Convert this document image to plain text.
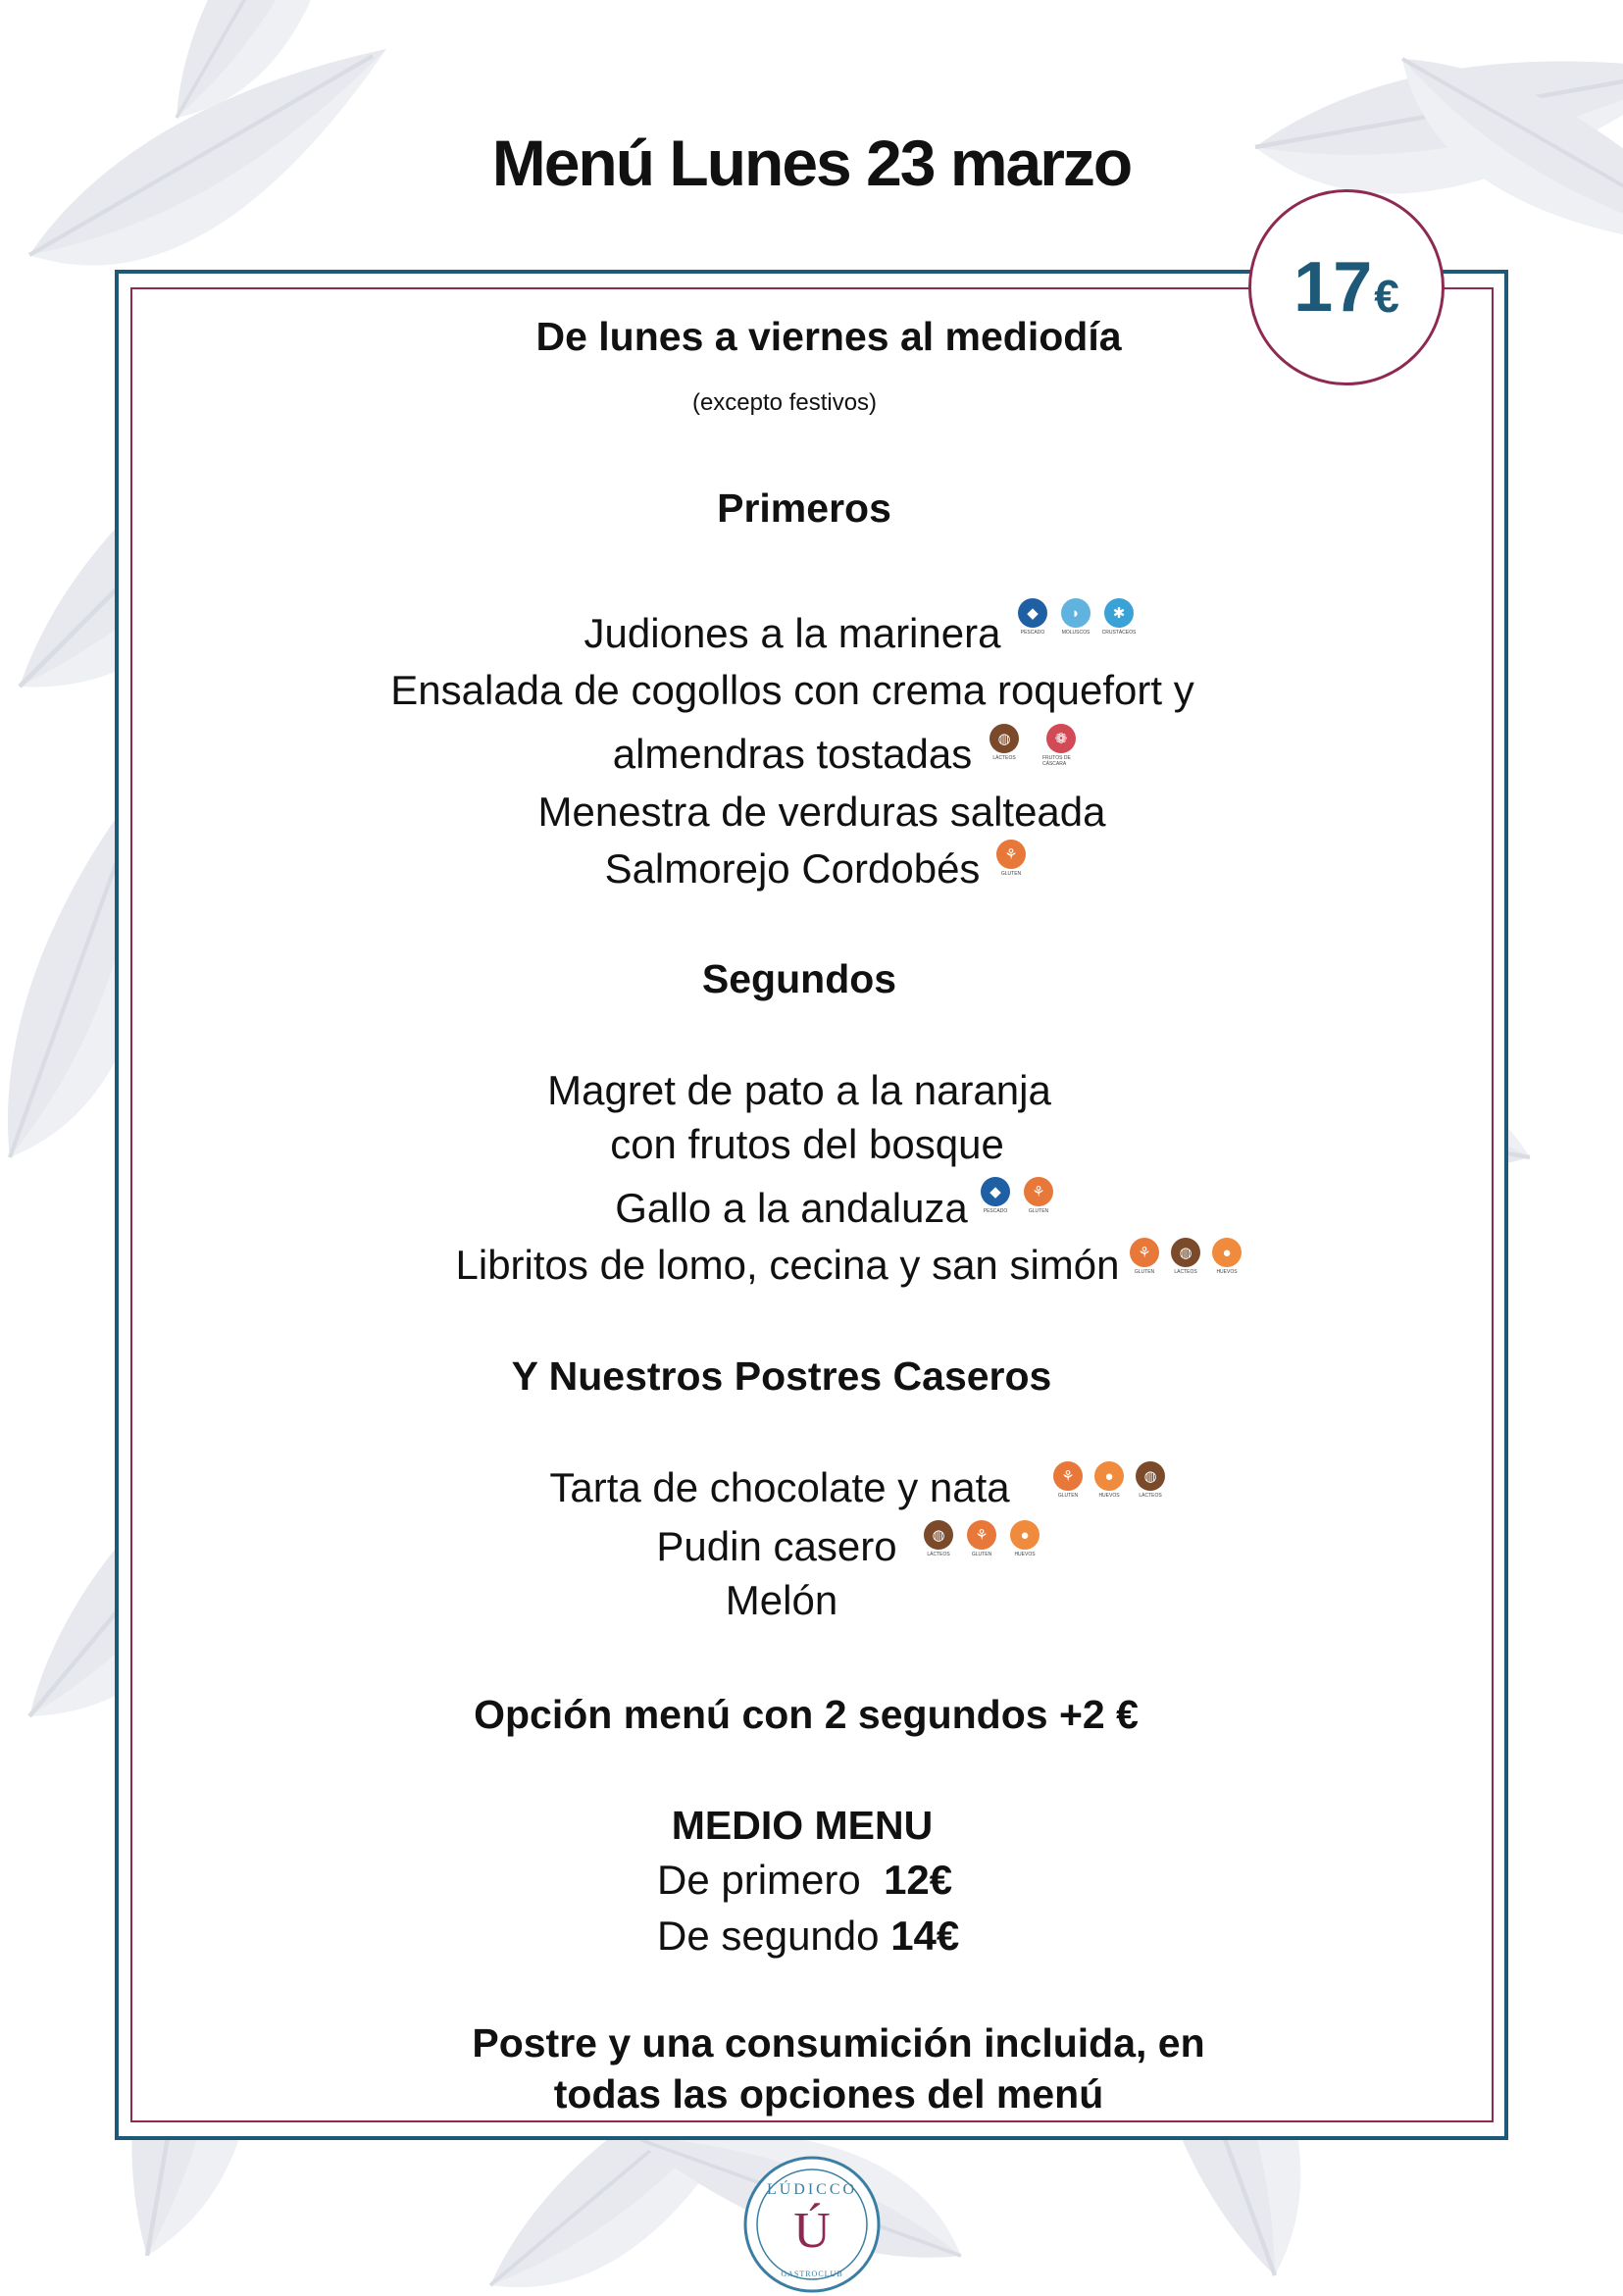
Menú Lunes 23 marzo
17 €
De lunes a viernes al mediodía
(excepto festivos)
Primeros
Judiones a la marinera	◆
PESCADO
◗
MOLUSCOS
✱
CRUSTÁCEOS
Ensalada de cogollos con crema roquefort y
almendras tostadas	◍
LÁCTEOS
❁
FRUTOS DE CÁSCARA
Menestra de verduras salteada
Salmorejo Cordobés	⚘
GLUTEN
Segundos
Magret de pato a la naranja
con frutos del bosque
Gallo a la andaluza	◆
PESCADO
⚘
GLUTEN
Libritos de lomo, cecina y san simón	⚘
GLUTEN
◍
LÁCTEOS
●
HUEVOS
Y Nuestros Postres Caseros
Tarta de chocolate y nata	⚘
GLUTEN
●
HUEVOS
◍
LÁCTEOS
Pudin casero	◍
LÁCTEOS
⚘
GLUTEN
●
HUEVOS
Melón
Opción menú con 2 segundos +2 €
MEDIO MENU
De primero 12€
De segundo 14€
Postre y una consumición incluida, en
todas las opciones del menú
LÚDICCO
Ú
GASTROCLUB
